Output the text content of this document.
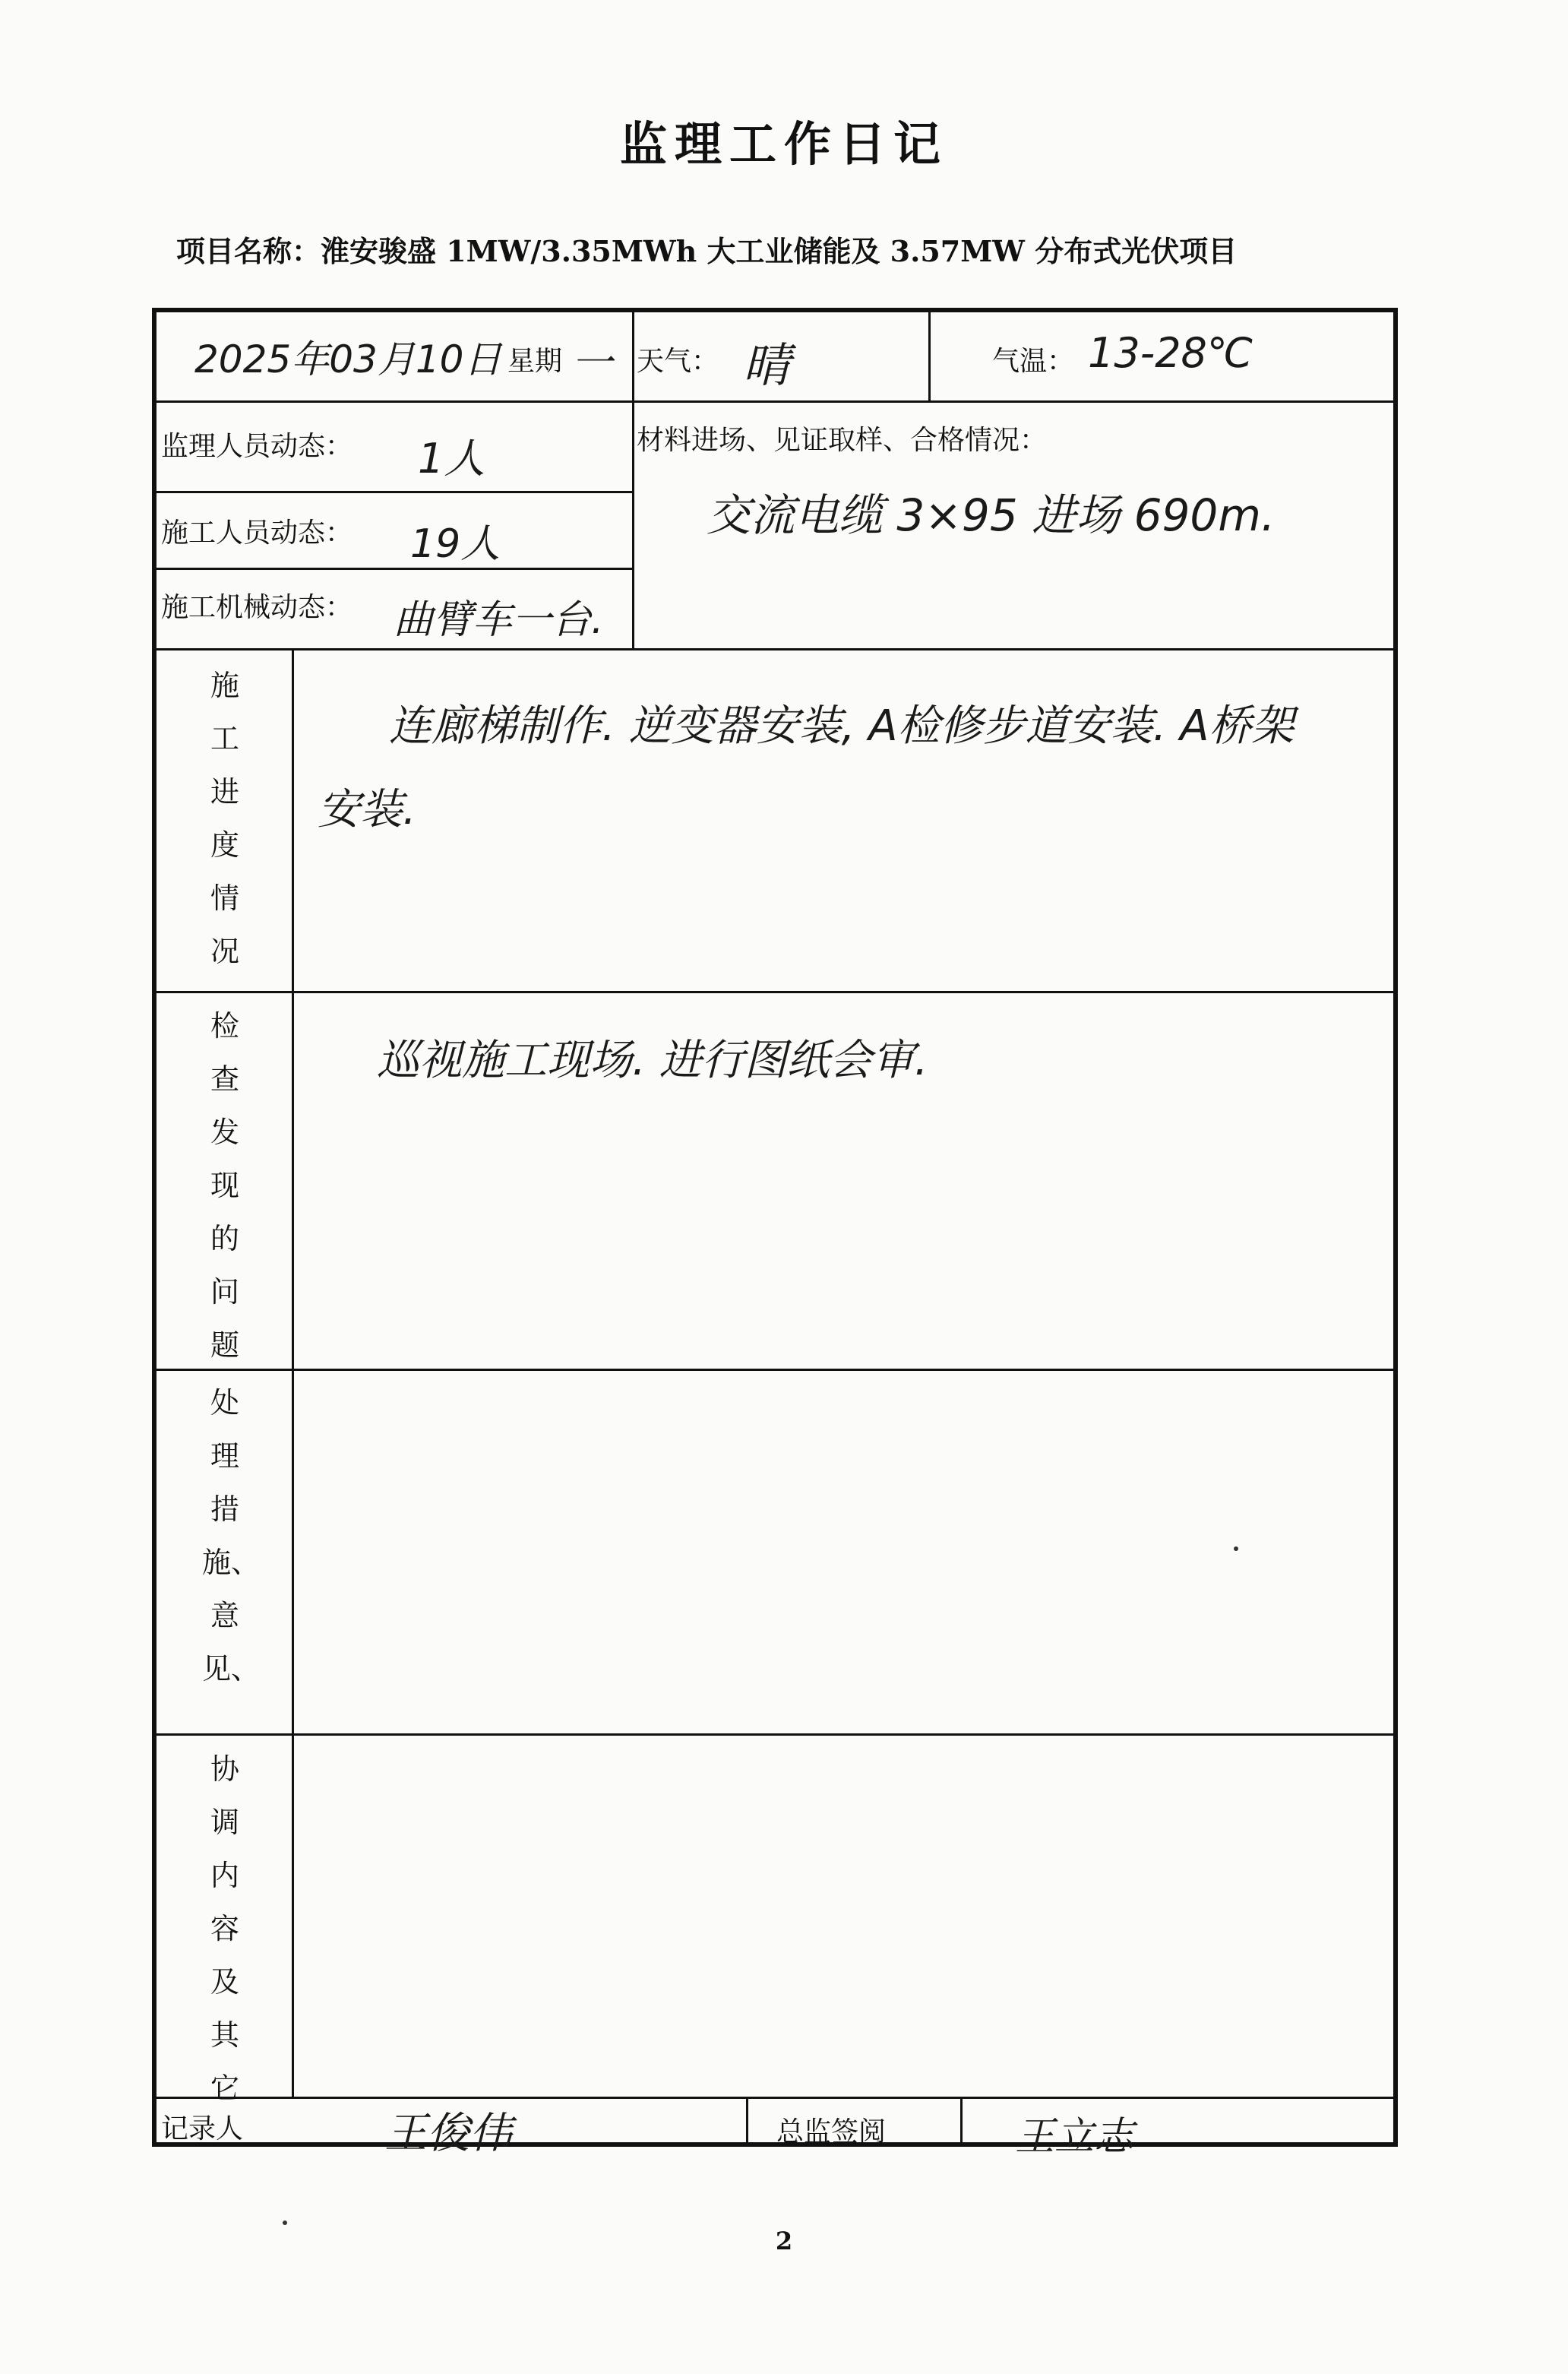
监理工作日记
项目名称：淮安骏盛 1MW/3.35MWh 大工业储能及 3.57MW 分布式光伏项目
2025年03月10日 星期 一 天气： 晴	气温： 13-28℃
监理人员动态： 1人
施工人员动态： 19人
施工机械动态： 曲臂车一台.
材料进场、见证取样、合格情况：
交流电缆 3×95 进场 690m.
施工进度情况
连廊梯制作. 逆变器安装, A检修步道安装. A桥架
安装.
检查发现的问题
巡视施工现场. 进行图纸会审.
处理措施、意见、
协调内容及其它
记录人	王俊伟	总监签阅	王立志
2
